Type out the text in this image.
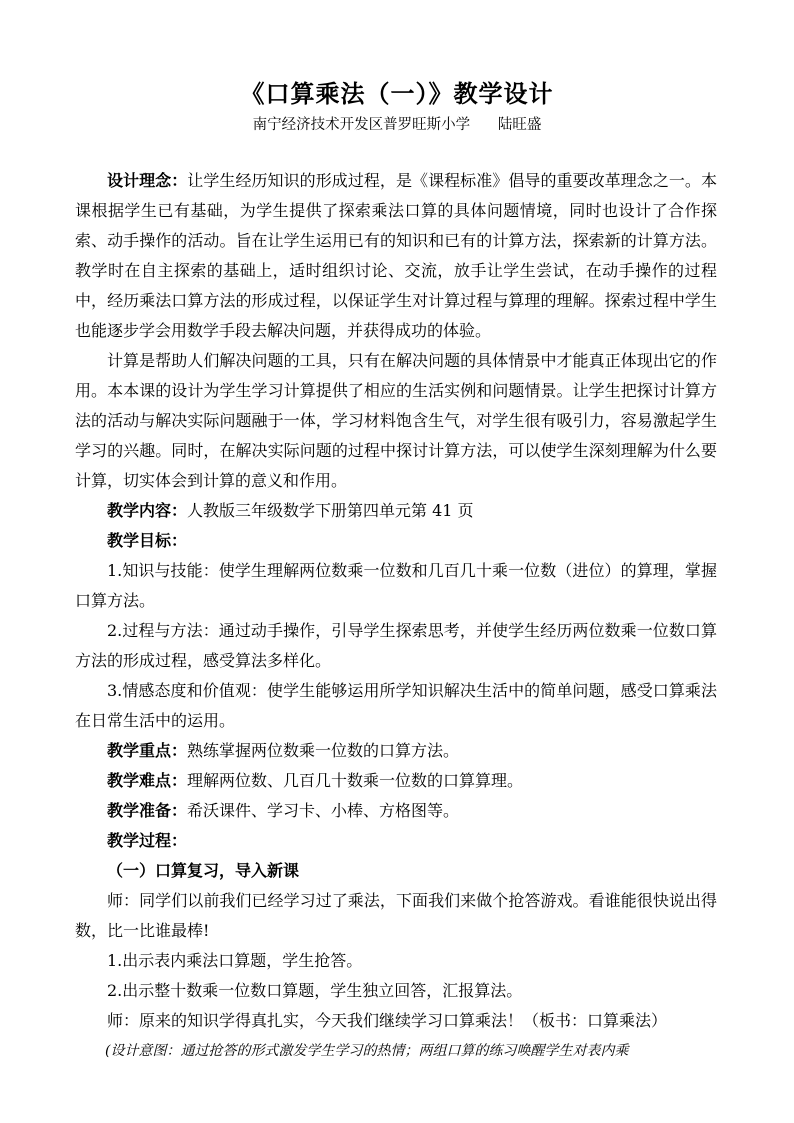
《口算乘法（一）》教学设计
南宁经济技术开发区普罗旺斯小学      陆旺盛

设计理念：让学生经历知识的形成过程，是《课程标准》倡导的重要改革理念之一。本课根据学生已有基础，为学生提供了探索乘法口算的具体问题情境，同时也设计了合作探索、动手操作的活动。旨在让学生运用已有的知识和已有的计算方法，探索新的计算方法。教学时在自主探索的基础上，适时组织讨论、交流，放手让学生尝试，在动手操作的过程中，经历乘法口算方法的形成过程，以保证学生对计算过程与算理的理解。探索过程中学生也能逐步学会用数学手段去解决问题，并获得成功的体验。

计算是帮助人们解决问题的工具，只有在解决问题的具体情景中才能真正体现出它的作用。本本课的设计为学生学习计算提供了相应的生活实例和问题情景。让学生把探讨计算方法的活动与解决实际问题融于一体，学习材料饱含生气，对学生很有吸引力，容易激起学生学习的兴趣。同时，在解决实际问题的过程中探讨计算方法，可以使学生深刻理解为什么要计算，切实体会到计算的意义和作用。

教学内容：人教版三年级数学下册第四单元第 41 页

教学目标：

1.知识与技能：使学生理解两位数乘一位数和几百几十乘一位数（进位）的算理，掌握口算方法。

2.过程与方法：通过动手操作，引导学生探索思考，并使学生经历两位数乘一位数口算方法的形成过程，感受算法多样化。

3.情感态度和价值观：使学生能够运用所学知识解决生活中的简单问题，感受口算乘法在日常生活中的运用。

教学重点：熟练掌握两位数乘一位数的口算方法。

教学难点：理解两位数、几百几十数乘一位数的口算算理。

教学准备：希沃课件、学习卡、小棒、方格图等。

教学过程：

（一）口算复习，导入新课

师：同学们以前我们已经学习过了乘法，下面我们来做个抢答游戏。看谁能很快说出得数，比一比谁最棒!

1.出示表内乘法口算题，学生抢答。

2.出示整十数乘一位数口算题，学生独立回答，汇报算法。

师：原来的知识学得真扎实，今天我们继续学习口算乘法！（板书：口算乘法）

(设计意图：通过抢答的形式激发学生学习的热情；两组口算的练习唤醒学生对表内乘
